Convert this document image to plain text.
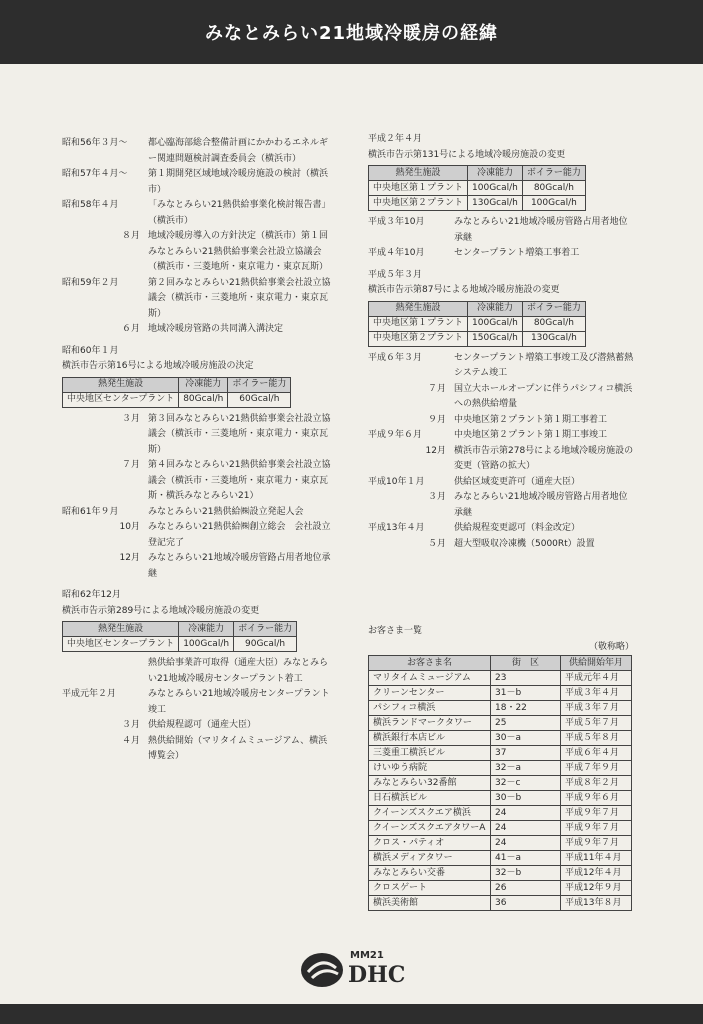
みなとみらい21地域冷暖房の経緯
昭和56年３月〜	都心臨海部総合整備計画にかかわるエネルギー関連問題検討調査委員会（横浜市）
昭和57年４月〜	第１期開発区域地域冷暖房施設の検討（横浜市）
昭和58年４月	「みなとみらい21熱供給事業化検討報告書」（横浜市）
８月 地域冷暖房導入の方針決定（横浜市）第１回みなとみらい21熱供給事業会社設立協議会（横浜市・三菱地所・東京電力・東京瓦斯）
昭和59年２月	第２回みなとみらい21熱供給事業会社設立協議会（横浜市・三菱地所・東京電力・東京瓦斯）
６月 地域冷暖房管路の共同溝入溝決定
昭和60年１月
横浜市告示第16号による地域冷暖房施設の決定
熱発生施設	冷凍能力	ボイラー能力
中央地区センタープラント	80Gcal/h	60Gcal/h
３月 第３回みなとみらい21熱供給事業会社設立協議会（横浜市・三菱地所・東京電力・東京瓦斯）
７月 第４回みなとみらい21熱供給事業会社設立協議会（横浜市・三菱地所・東京電力・東京瓦斯・横浜みなとみらい21）
昭和61年９月	みなとみらい21熱供給㈱設立発起人会
10月 みなとみらい21熱供給㈱創立総会　会社設立登記完了
12月 みなとみらい21地域冷暖房管路占用者地位承継
昭和62年12月
横浜市告示第289号による地域冷暖房施設の変更
熱発生施設	冷凍能力	ボイラー能力
中央地区センタープラント	100Gcal/h	90Gcal/h
熱供給事業許可取得（通産大臣）みなとみらい21地域冷暖房センタープラント着工
平成元年２月	みなとみらい21地域冷暖房センタープラント竣工
３月 供給規程認可（通産大臣）
４月 熱供給開始（マリタイムミュージアム、横浜博覧会）
平成２年４月
横浜市告示第131号による地域冷暖房施設の変更
熱発生施設	冷凍能力	ボイラー能力
中央地区第１プラント	100Gcal/h	80Gcal/h
中央地区第２プラント	130Gcal/h	100Gcal/h
平成３年10月	みなとみらい21地域冷暖房管路占用者地位承継
平成４年10月	センタープラント増築工事着工
平成５年３月
横浜市告示第87号による地域冷暖房施設の変更
熱発生施設	冷凍能力	ボイラー能力
中央地区第１プラント	100Gcal/h	80Gcal/h
中央地区第２プラント	150Gcal/h	130Gcal/h
平成６年３月	センタープラント増築工事竣工及び潜熱蓄熱システム竣工
７月 国立大ホールオープンに伴うパシフィコ横浜への熱供給増量
９月 中央地区第２プラント第１期工事着工
平成９年６月	中央地区第２プラント第１期工事竣工
12月 横浜市告示第278号による地域冷暖房施設の変更（管路の拡大）
平成10年１月	供給区域変更許可（通産大臣）
３月 みなとみらい21地域冷暖房管路占用者地位承継
平成13年４月	供給規程変更認可（料金改定）
５月 超大型吸収冷凍機（5000Rt）設置
お客さま一覧
（敬称略）
お客さま名	街　区	供給開始年月
マリタイムミュージアム	23	平成元年４月
クリーンセンター	31－b	平成３年４月
パシフィコ横浜	18・22	平成３年７月
横浜ランドマークタワー	25	平成５年７月
横浜銀行本店ビル	30－a	平成５年８月
三菱重工横浜ビル	37	平成６年４月
けいゆう病院	32－a	平成７年９月
みなとみらい32番館	32－c	平成８年２月
日石横浜ビル	30－b	平成９年６月
クイーンズスクエア横浜	24	平成９年７月
クイーンズスクエアタワーA	24	平成９年７月
クロス・パティオ	24	平成９年７月
横浜メディアタワー	41－a	平成11年４月
みなとみらい交番	32－b	平成12年４月
クロスゲート	26	平成12年９月
横浜美術館	36	平成13年８月
MM21
DHC
